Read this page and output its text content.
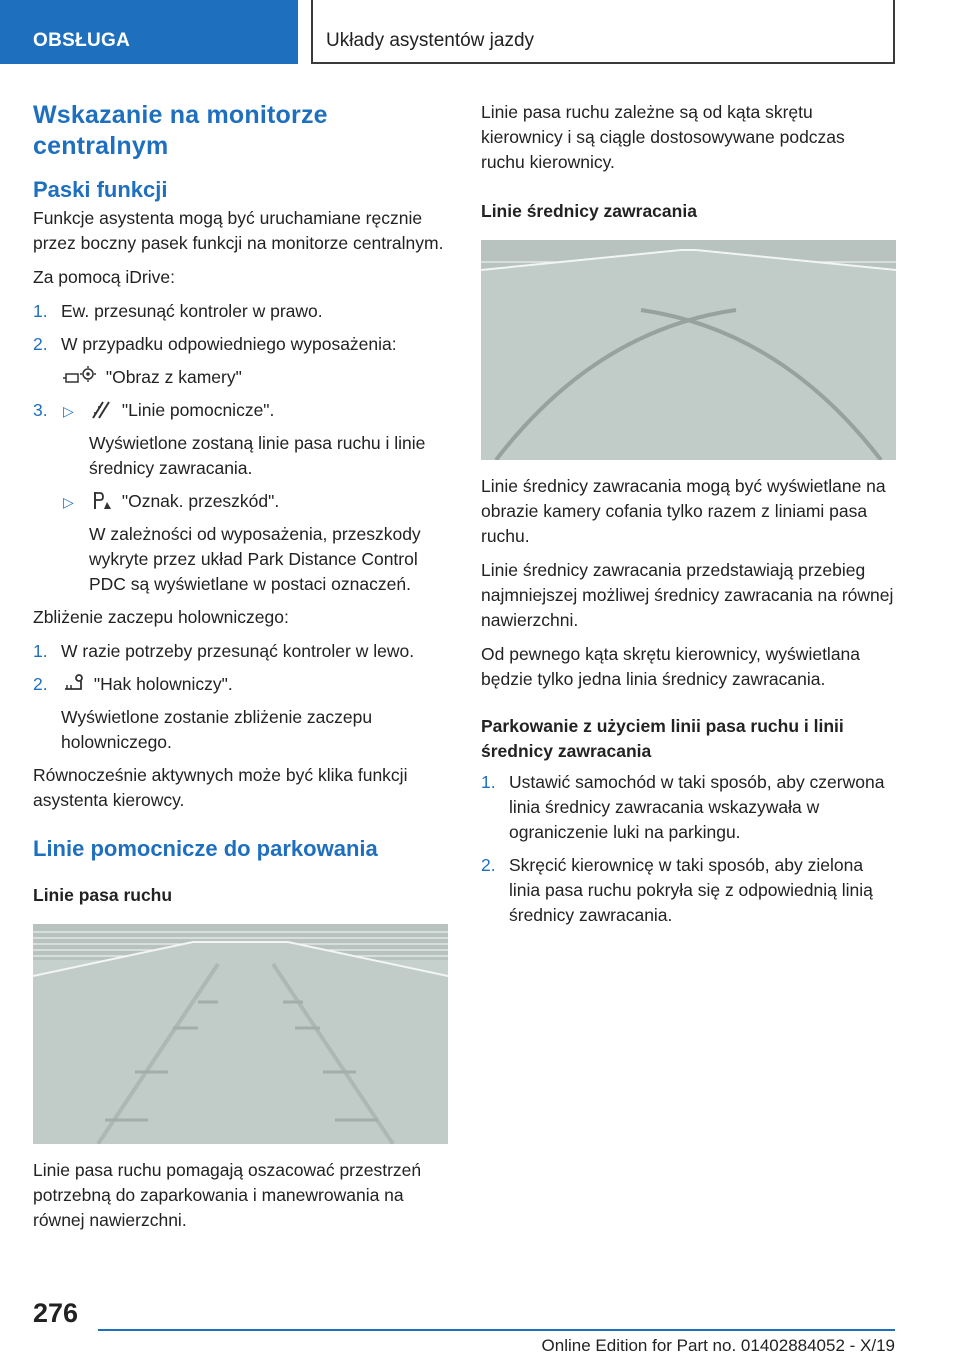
OBSŁUGA	Układy asystentów jazdy
Wskazanie na monitorze centralnym
Paski funkcji

Funkcje asystenta mogą być uruchamiane ręcznie przez boczny pasek funkcji na monitorze centralnym.

Za pomocą iDrive:

1. Ew. przesunąć kontroler w prawo.
2. W przypadku odpowiedniego wyposażenia:
"Obraz z kamery"
3. ▷	"Linie pomocnicze".
Wyświetlone zostaną linie pasa ruchu i linie średnicy zawracania.
▷	"Oznak. przeszkód".
W zależności od wyposażenia, przeszkody wykryte przez układ Park Distance Control PDC są wyświetlane w postaci oznaczeń.

Zbliżenie zaczepu holowniczego:

1. W razie potrzeby przesunąć kontroler w lewo.
2.	"Hak holowniczy".
Wyświetlone zostanie zbliżenie zaczepu holowniczego.

Równocześnie aktywnych może być klika funkcji asystenta kierowcy.

Linie pomocnicze do parkowania
Linie pasa ruchu

Linie pasa ruchu pomagają oszacować przestrzeń potrzebną do zaparkowania i manewrowania na równej nawierzchni.

Linie pasa ruchu zależne są od kąta skrętu kierownicy i są ciągle dostosowywane podczas ruchu kierownicy.

Linie średnicy zawracania

Linie średnicy zawracania mogą być wyświetlane na obrazie kamery cofania tylko razem z liniami pasa ruchu.

Linie średnicy zawracania przedstawiają przebieg najmniejszej możliwej średnicy zawracania na równej nawierzchni.

Od pewnego kąta skrętu kierownicy, wyświetlana będzie tylko jedna linia średnicy zawracania.

Parkowanie z użyciem linii pasa ruchu i linii średnicy zawracania
1. Ustawić samochód w taki sposób, aby czerwona linia średnicy zawracania wskazywała w ograniczenie luki na parkingu.
2. Skręcić kierownicę w taki sposób, aby zielona linia pasa ruchu pokryła się z odpowiednią linią średnicy zawracania.
276
Online Edition for Part no. 01402884052 - X/19
